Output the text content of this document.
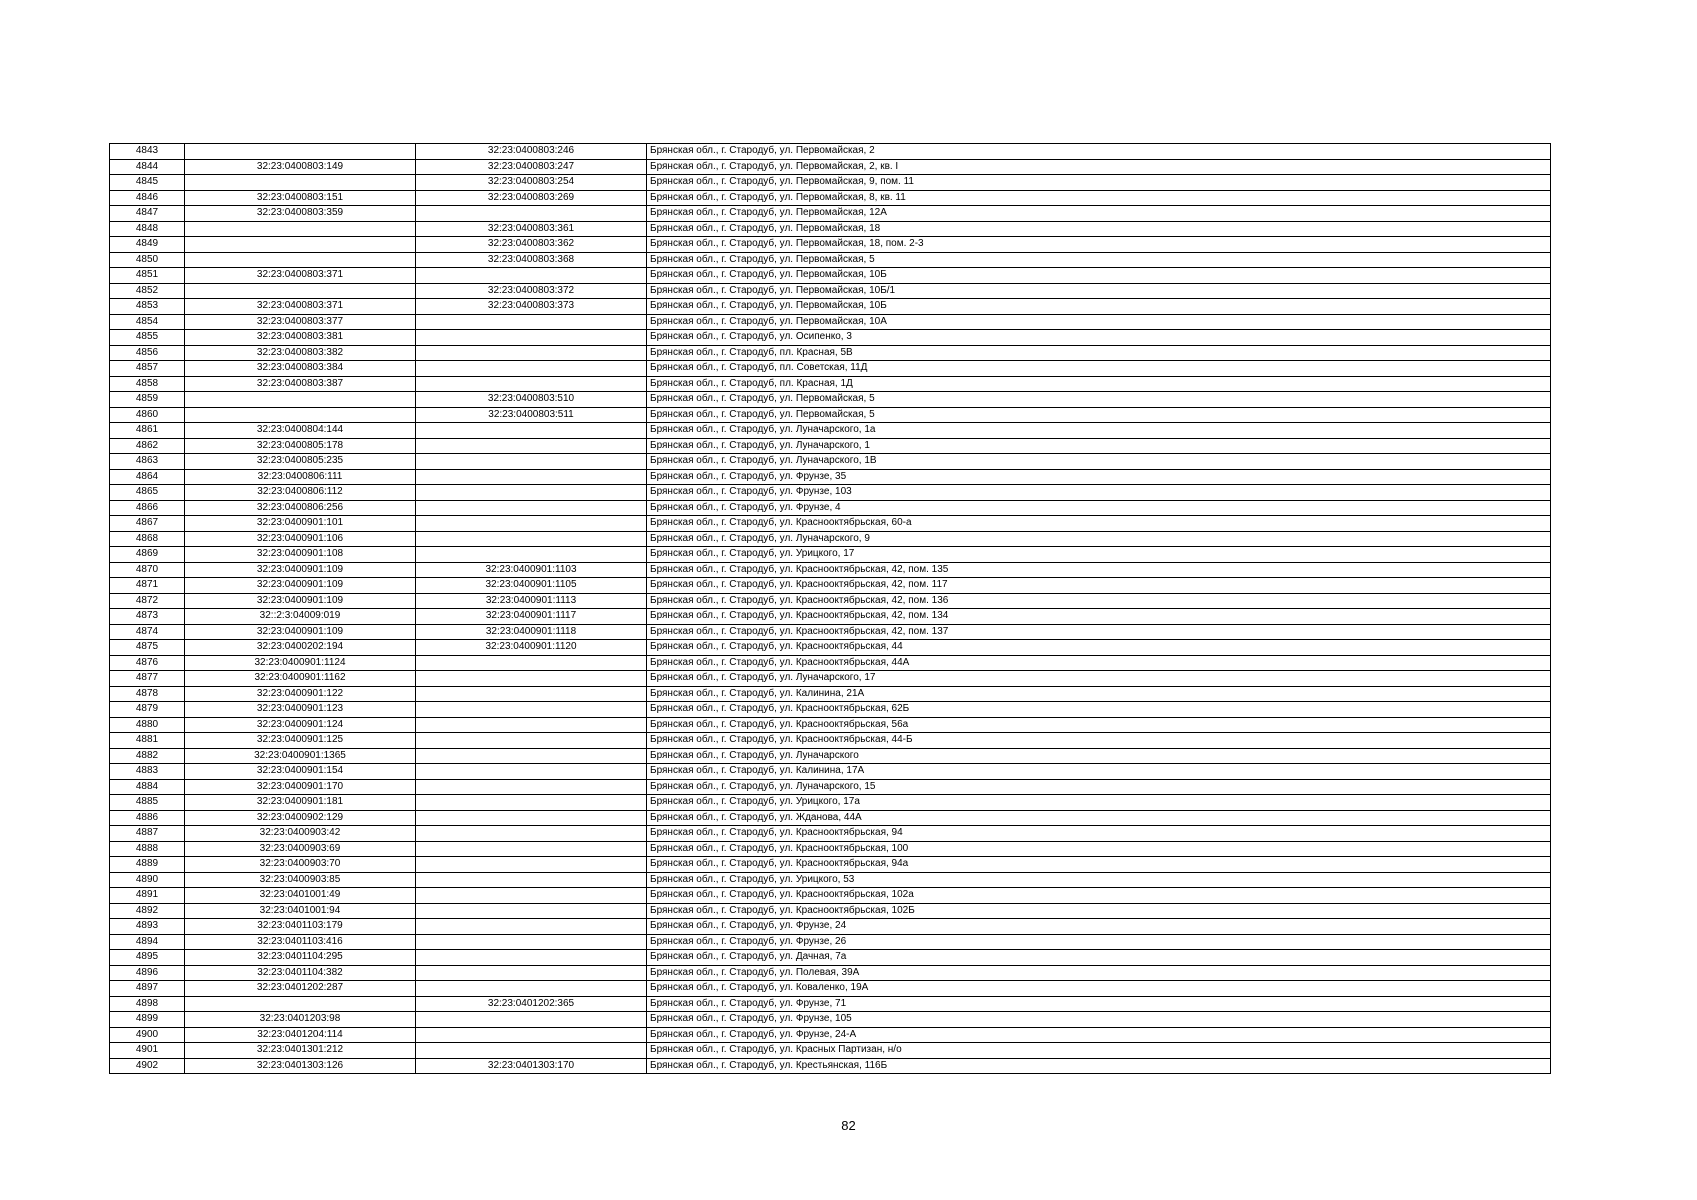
4843		32:23:0400803:246	Брянская обл., г. Стародуб, ул. Первомайская, 2
4844	32:23:0400803:149	32:23:0400803:247	Брянская обл., г. Стародуб, ул. Первомайская, 2, кв. I
4845		32:23:0400803:254	Брянская обл., г. Стародуб, ул. Первомайская, 9, пом. 11
4846	32:23:0400803:151	32:23:0400803:269	Брянская обл., г. Стародуб, ул. Первомайская, 8, кв. 11
4847	32:23:0400803:359		Брянская обл., г. Стародуб, ул. Первомайская, 12А
4848		32:23:0400803:361	Брянская обл., г. Стародуб, ул. Первомайская, 18
4849		32:23:0400803:362	Брянская обл., г. Стародуб, ул. Первомайская, 18, пом. 2-3
4850		32:23:0400803:368	Брянская обл., г. Стародуб, ул. Первомайская, 5
4851	32:23:0400803:371		Брянская обл., г. Стародуб, ул. Первомайская, 10Б
4852		32:23:0400803:372	Брянская обл., г. Стародуб, ул. Первомайская, 10Б/1
4853	32:23:0400803:371	32:23:0400803:373	Брянская обл., г. Стародуб, ул. Первомайская, 10Б
4854	32:23:0400803:377		Брянская обл., г. Стародуб, ул. Первомайская, 10А
4855	32:23:0400803:381		Брянская обл., г. Стародуб, ул. Осипенко, 3
4856	32:23:0400803:382		Брянская обл., г. Стародуб, пл. Красная, 5В
4857	32:23:0400803:384		Брянская обл., г. Стародуб, пл. Советская, 11Д
4858	32:23:0400803:387		Брянская обл., г. Стародуб, пл. Красная, 1Д
4859		32:23:0400803:510	Брянская обл., г. Стародуб, ул. Первомайская, 5
4860		32:23:0400803:511	Брянская обл., г. Стародуб, ул. Первомайская, 5
4861	32:23:0400804:144		Брянская обл., г. Стародуб, ул. Луначарского, 1а
4862	32:23:0400805:178		Брянская обл., г. Стародуб, ул. Луначарского, 1
4863	32:23:0400805:235		Брянская обл., г. Стародуб, ул. Луначарского, 1В
4864	32:23:0400806:111		Брянская обл., г. Стародуб, ул. Фрунзе, 35
4865	32:23:0400806:112		Брянская обл., г. Стародуб, ул. Фрунзе, 103
4866	32:23:0400806:256		Брянская обл., г. Стародуб, ул. Фрунзе, 4
4867	32:23:0400901:101		Брянская обл., г. Стародуб, ул. Краснооктябрьская, 60-а
4868	32:23:0400901:106		Брянская обл., г. Стародуб, ул. Луначарского, 9
4869	32:23:0400901:108		Брянская обл., г. Стародуб, ул. Урицкого, 17
4870	32:23:0400901:109	32:23:0400901:1103	Брянская обл., г. Стародуб, ул. Краснооктябрьская, 42, пом. 135
4871	32:23:0400901:109	32:23:0400901:1105	Брянская обл., г. Стародуб, ул. Краснооктябрьская, 42, пом. 117
4872	32:23:0400901:109	32:23:0400901:1113	Брянская обл., г. Стародуб, ул. Краснооктябрьская, 42, пом. 136
4873	32::2:3:04009:019	32:23:0400901:1117	Брянская обл., г. Стародуб, ул. Краснооктябрьская, 42, пом. 134
4874	32:23:0400901:109	32:23:0400901:1118	Брянская обл., г. Стародуб, ул. Краснооктябрьская, 42, пом. 137
4875	32:23:0400202:194	32:23:0400901:1120	Брянская обл., г. Стародуб, ул. Краснооктябрьская, 44
4876	32:23:0400901:1124		Брянская обл., г. Стародуб, ул. Краснооктябрьская, 44А
4877	32:23:0400901:1162		Брянская обл., г. Стародуб, ул. Луначарского, 17
4878	32:23:0400901:122		Брянская обл., г. Стародуб, ул. Калинина, 21А
4879	32:23:0400901:123		Брянская обл., г. Стародуб, ул. Краснооктябрьская, 62Б
4880	32:23:0400901:124		Брянская обл., г. Стародуб, ул. Краснооктябрьская, 56а
4881	32:23:0400901:125		Брянская обл., г. Стародуб, ул. Краснооктябрьская, 44-Б
4882	32:23:0400901:1365		Брянская обл., г. Стародуб, ул. Луначарского
4883	32:23:0400901:154		Брянская обл., г. Стародуб, ул. Калинина, 17А
4884	32:23:0400901:170		Брянская обл., г. Стародуб, ул. Луначарского, 15
4885	32:23:0400901:181		Брянская обл., г. Стародуб, ул. Урицкого, 17а
4886	32:23:0400902:129		Брянская обл., г. Стародуб, ул. Жданова, 44А
4887	32:23:0400903:42		Брянская обл., г. Стародуб, ул. Краснооктябрьская, 94
4888	32:23:0400903:69		Брянская обл., г. Стародуб, ул. Краснооктябрьская, 100
4889	32:23:0400903:70		Брянская обл., г. Стародуб, ул. Краснооктябрьская, 94а
4890	32:23:0400903:85		Брянская обл., г. Стародуб, ул. Урицкого, 53
4891	32:23:0401001:49		Брянская обл., г. Стародуб, ул. Краснооктябрьская, 102а
4892	32:23:0401001:94		Брянская обл., г. Стародуб, ул. Краснооктябрьская, 102Б
4893	32:23:0401103:179		Брянская обл., г. Стародуб, ул. Фрунзе, 24
4894	32:23:0401103:416		Брянская обл., г. Стародуб, ул. Фрунзе, 26
4895	32:23:0401104:295		Брянская обл., г. Стародуб, ул. Дачная, 7а
4896	32:23:0401104:382		Брянская обл., г. Стародуб, ул. Полевая, 39А
4897	32:23:0401202:287		Брянская обл., г. Стародуб, ул. Коваленко, 19А
4898		32:23:0401202:365	Брянская обл., г. Стародуб, ул. Фрунзе, 71
4899	32:23:0401203:98		Брянская обл., г. Стародуб, ул. Фрунзе, 105
4900	32:23:0401204:114		Брянская обл., г. Стародуб, ул. Фрунзе, 24-А
4901	32:23:0401301:212		Брянская обл., г. Стародуб, ул. Красных Партизан, н/о
4902	32:23:0401303:126	32:23:0401303:170	Брянская обл., г. Стародуб, ул. Крестьянская, 116Б
82
